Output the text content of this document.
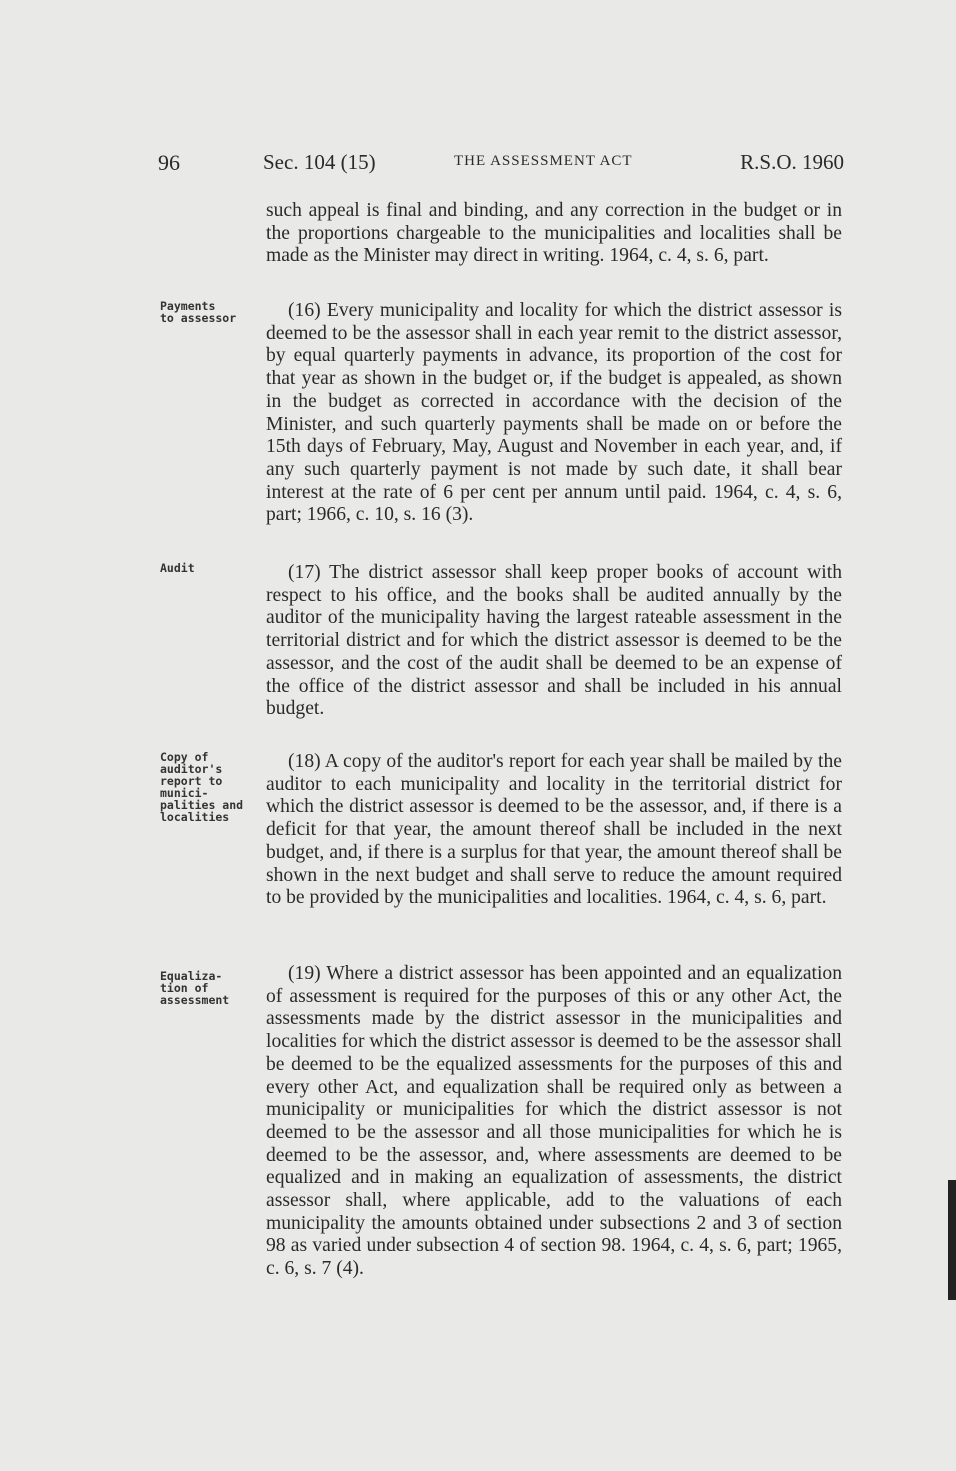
96	Sec. 104 (15)	THE ASSESSMENT ACT	R.S.O. 1960
Payments
to assessor
Audit
Copy of
auditor's
report to
munici-
palities and
localities
Equaliza-
tion of
assessment

such appeal is final and binding, and any correction in the budget or in the proportions chargeable to the municipalities and localities shall be made as the Minister may direct in writing. 1964, c. 4, s. 6, part.

(16) Every municipality and locality for which the district assessor is deemed to be the assessor shall in each year remit to the district assessor, by equal quarterly payments in advance, its proportion of the cost for that year as shown in the budget or, if the budget is appealed, as shown in the budget as corrected in accordance with the decision of the Minister, and such quarterly payments shall be made on or before the 15th days of February, May, August and November in each year, and, if any such quarterly payment is not made by such date, it shall bear interest at the rate of 6 per cent per annum until paid. 1964, c. 4, s. 6, part; 1966, c. 10, s. 16 (3).

(17) The district assessor shall keep proper books of account with respect to his office, and the books shall be audited annually by the auditor of the municipality having the largest rateable assessment in the territorial district and for which the district assessor is deemed to be the assessor, and the cost of the audit shall be deemed to be an expense of the office of the district assessor and shall be included in his annual budget.

(18) A copy of the auditor's report for each year shall be mailed by the auditor to each municipality and locality in the territorial district for which the district assessor is deemed to be the assessor, and, if there is a deficit for that year, the amount thereof shall be included in the next budget, and, if there is a surplus for that year, the amount thereof shall be shown in the next budget and shall serve to reduce the amount required to be provided by the municipalities and localities. 1964, c. 4, s. 6, part.

(19) Where a district assessor has been appointed and an equalization of assessment is required for the purposes of this or any other Act, the assessments made by the district assessor in the municipalities and localities for which the district assessor is deemed to be the assessor shall be deemed to be the equalized assessments for the purposes of this and every other Act, and equalization shall be required only as between a municipality or municipalities for which the district assessor is not deemed to be the assessor and all those municipalities for which he is deemed to be the assessor, and, where assessments are deemed to be equalized and in making an equalization of assessments, the district assessor shall, where applicable, add to the valuations of each municipality the amounts obtained under subsections 2 and 3 of section 98 as varied under subsection 4 of section 98. 1964, c. 4, s. 6, part; 1965, c. 6, s. 7 (4).
